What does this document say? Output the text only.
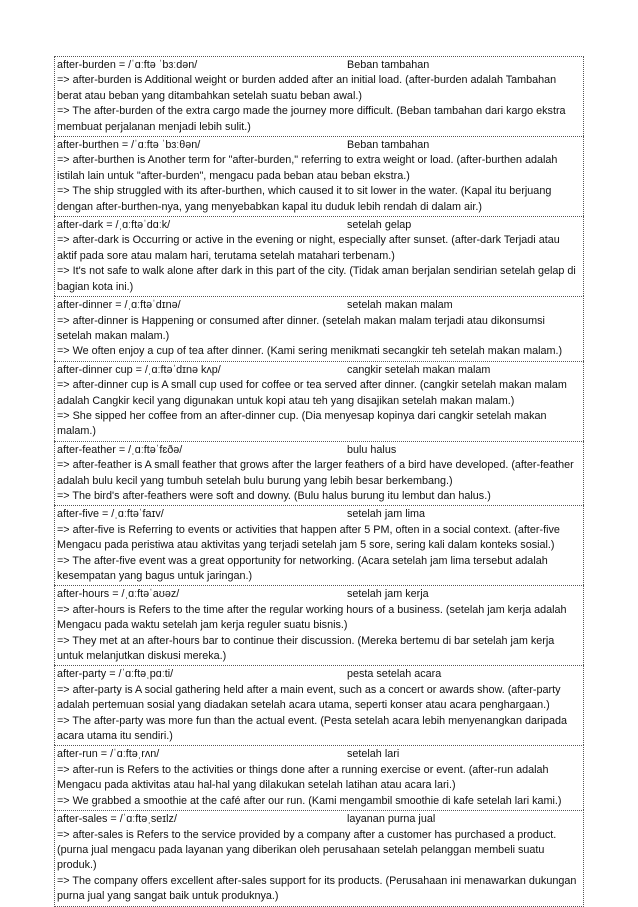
after-burden = /ˈɑːftə ˈbɜːdən/	Beban tambahan
=> after-burden is Additional weight or burden added after an initial load. (after-burden adalah Tambahan berat atau beban yang ditambahkan setelah suatu beban awal.)
=> The after-burden of the extra cargo made the journey more difficult. (Beban tambahan dari kargo ekstra membuat perjalanan menjadi lebih sulit.)
after-burthen = /ˈɑːftə ˈbɜːθən/	Beban tambahan
=> after-burthen is Another term for "after-burden," referring to extra weight or load. (after-burthen adalah istilah lain untuk "after-burden", mengacu pada beban atau beban ekstra.)
=> The ship struggled with its after-burthen, which caused it to sit lower in the water. (Kapal itu berjuang dengan after-burthen-nya, yang menyebabkan kapal itu duduk lebih rendah di dalam air.)
after-dark = /ˌɑːftəˈdɑːk/	setelah gelap
=> after-dark is Occurring or active in the evening or night, especially after sunset. (after-dark Terjadi atau aktif pada sore atau malam hari, terutama setelah matahari terbenam.)
=> It's not safe to walk alone after dark in this part of the city. (Tidak aman berjalan sendirian setelah gelap di bagian kota ini.)
after-dinner = /ˌɑːftəˈdɪnə/	setelah makan malam
=> after-dinner is Happening or consumed after dinner. (setelah makan malam terjadi atau dikonsumsi setelah makan malam.)
=> We often enjoy a cup of tea after dinner. (Kami sering menikmati secangkir teh setelah makan malam.)
after-dinner cup = /ˌɑːftəˈdɪnə kʌp/	cangkir setelah makan malam
=> after-dinner cup is A small cup used for coffee or tea served after dinner. (cangkir setelah makan malam adalah Cangkir kecil yang digunakan untuk kopi atau teh yang disajikan setelah makan malam.)
=> She sipped her coffee from an after-dinner cup. (Dia menyesap kopinya dari cangkir setelah makan malam.)
after-feather = /ˌɑːftəˈfɛðə/	bulu halus
=> after-feather is A small feather that grows after the larger feathers of a bird have developed. (after-feather adalah bulu kecil yang tumbuh setelah bulu burung yang lebih besar berkembang.)
=> The bird's after-feathers were soft and downy. (Bulu halus burung itu lembut dan halus.)
after-five = /ˌɑːftəˈfaɪv/	setelah jam lima
=> after-five is Referring to events or activities that happen after 5 PM, often in a social context. (after-five Mengacu pada peristiwa atau aktivitas yang terjadi setelah jam 5 sore, sering kali dalam konteks sosial.)
=> The after-five event was a great opportunity for networking. (Acara setelah jam lima tersebut adalah kesempatan yang bagus untuk jaringan.)
after-hours = /ˌɑːftəˈaʊəz/	setelah jam kerja
=> after-hours is Refers to the time after the regular working hours of a business. (setelah jam kerja adalah Mengacu pada waktu setelah jam kerja reguler suatu bisnis.)
=> They met at an after-hours bar to continue their discussion. (Mereka bertemu di bar setelah jam kerja untuk melanjutkan diskusi mereka.)
after-party = /ˈɑːftəˌpɑːti/	pesta setelah acara
=> after-party is A social gathering held after a main event, such as a concert or awards show. (after-party adalah pertemuan sosial yang diadakan setelah acara utama, seperti konser atau acara penghargaan.)
=> The after-party was more fun than the actual event. (Pesta setelah acara lebih menyenangkan daripada acara utama itu sendiri.)
after-run = /ˈɑːftəˌrʌn/	setelah lari
=> after-run is Refers to the activities or things done after a running exercise or event. (after-run adalah Mengacu pada aktivitas atau hal-hal yang dilakukan setelah latihan atau acara lari.)
=> We grabbed a smoothie at the café after our run. (Kami mengambil smoothie di kafe setelah lari kami.)
after-sales = /ˈɑːftəˌseɪlz/	layanan purna jual
=> after-sales is Refers to the service provided by a company after a customer has purchased a product. (purna jual mengacu pada layanan yang diberikan oleh perusahaan setelah pelanggan membeli suatu produk.)
=> The company offers excellent after-sales support for its products. (Perusahaan ini menawarkan dukungan purna jual yang sangat baik untuk produknya.)
